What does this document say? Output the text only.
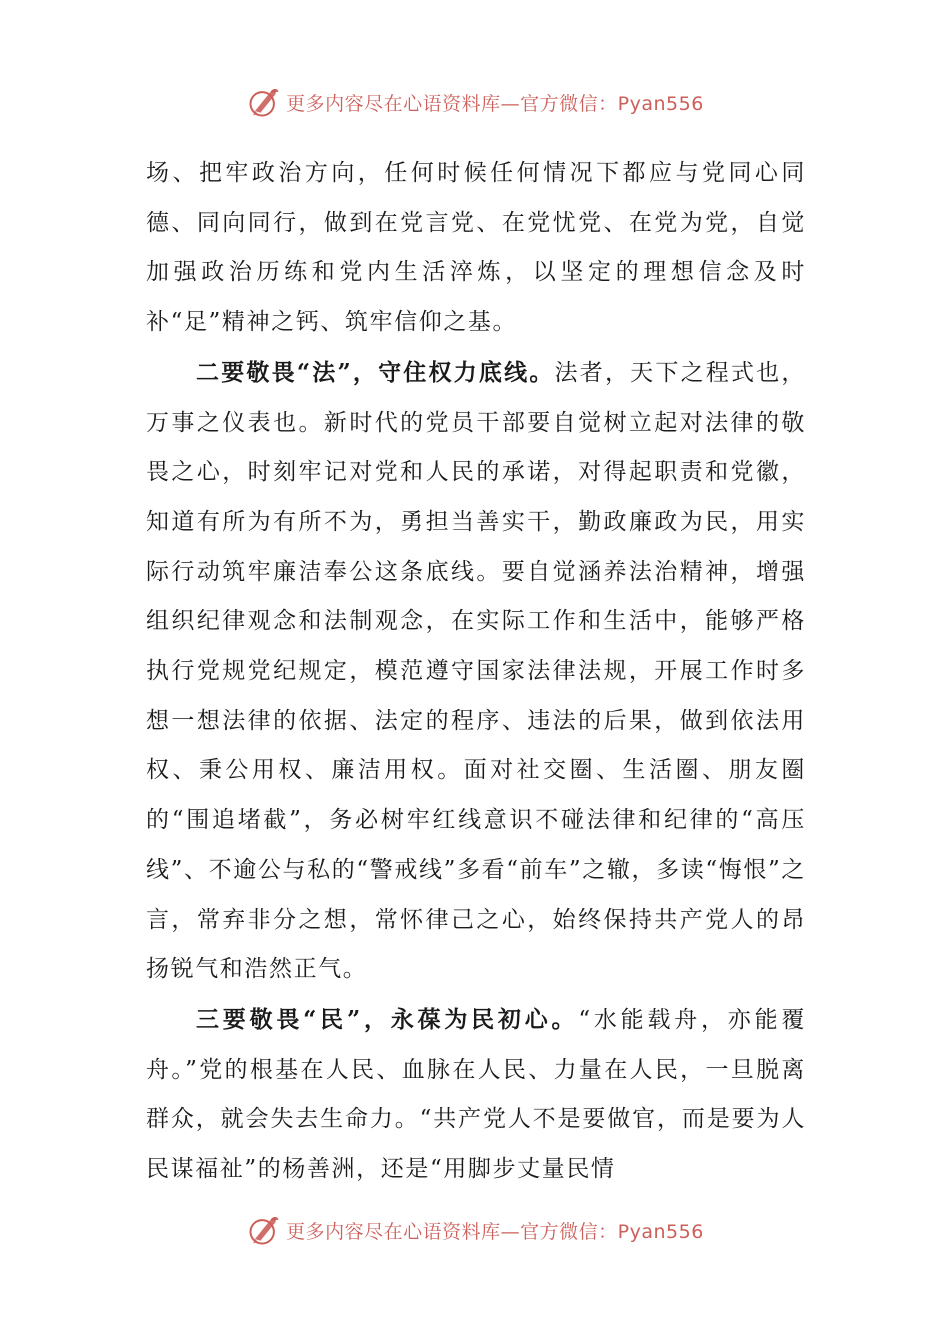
更多内容尽在心语资料库—官方微信：Pyan556

场、把牢政治方向，任何时候任何情况下都应与党同心同德、同向同行，做到在党言党、在党忧党、在党为党，自觉加强政治历练和党内生活淬炼，以坚定的理想信念及时补“足”精神之钙、筑牢信仰之基。

二要敬畏“法”，守住权力底线。法者，天下之程式也，万事之仪表也。新时代的党员干部要自觉树立起对法律的敬畏之心，时刻牢记对党和人民的承诺，对得起职责和党徽，知道有所为有所不为，勇担当善实干，勤政廉政为民，用实际行动筑牢廉洁奉公这条底线。要自觉涵养法治精神，增强组织纪律观念和法制观念，在实际工作和生活中，能够严格执行党规党纪规定，模范遵守国家法律法规，开展工作时多想一想法律的依据、法定的程序、违法的后果，做到依法用权、秉公用权、廉洁用权。面对社交圈、生活圈、朋友圈的“围追堵截”，务必树牢红线意识不碰法律和纪律的“高压线”、不逾公与私的“警戒线”多看“前车”之辙，多读“悔恨”之言，常弃非分之想，常怀律己之心，始终保持共产党人的昂扬锐气和浩然正气。

三要敬畏“民”，永葆为民初心。“水能载舟，亦能覆舟。”党的根基在人民、血脉在人民、力量在人民，一旦脱离群众，就会失去生命力。“共产党人不是要做官，而是要为人民谋福祉”的杨善洲，还是“用脚步丈量民情

更多内容尽在心语资料库—官方微信：Pyan556
